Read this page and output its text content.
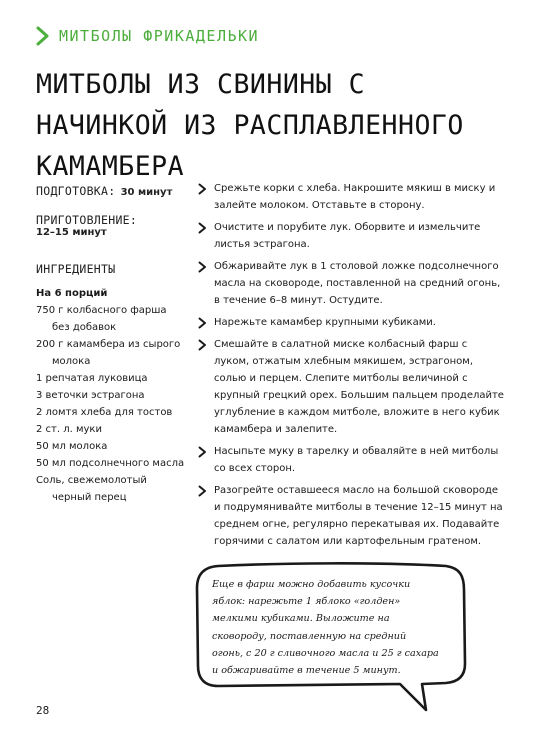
МИТБОЛЫ ФРИКАДЕЛЬКИ
МИТБОЛЫ ИЗ СВИНИНЫ С НАЧИНКОЙ ИЗ РАСПЛАВЛЕННОГО КАМАМБЕРА
ПОДГОТОВКА: 30 минут
ПРИГОТОВЛЕНИЕ:
12–15 минут
ИНГРЕДИЕНТЫ
На 6 порций
750 г колбасного фарша без добавок
200 г камамбера из сырого молока
1 репчатая луковица
3 веточки эстрагона
2 ломтя хлеба для тостов
2 ст. л. муки
50 мл молока
50 мл подсолнечного масла
Соль, свежемолотый черный перец
Срежьте корки с хлеба. Накрошите мякиш в миску и залейте молоком. Отставьте в сторону.
Очистите и порубите лук. Оборвите и измельчите листья эстрагона.
Обжаривайте лук в 1 столовой ложке подсолнечного масла на сковороде, поставленной на средний огонь, в течение 6–8 минут. Остудите.
Нарежьте камамбер крупными кубиками.
Смешайте в салатной миске колбасный фарш с луком, отжатым хлебным мякишем, эстрагоном, солью и перцем. Слепите митболы величиной с крупный грецкий орех. Большим пальцем проделайте углубление в каждом митболе, вложите в него кубик камамбера и залепите.
Насыпьте муку в тарелку и обваляйте в ней митболы со всех сторон.
Разогрейте оставшееся масло на большой сковороде и подрумянивайте митболы в течение 12–15 минут на среднем огне, регулярно перекатывая их. Подавайте горячими с салатом или картофельным гратеном.
Еще в фарш можно добавить кусочки яблок: нарежьте 1 яблоко «голден» мелкими кубиками. Выложите на сковороду, поставленную на средний огонь, с 20 г сливочного масла и 25 г сахара и обжаривайте в течение 5 минут.
28
